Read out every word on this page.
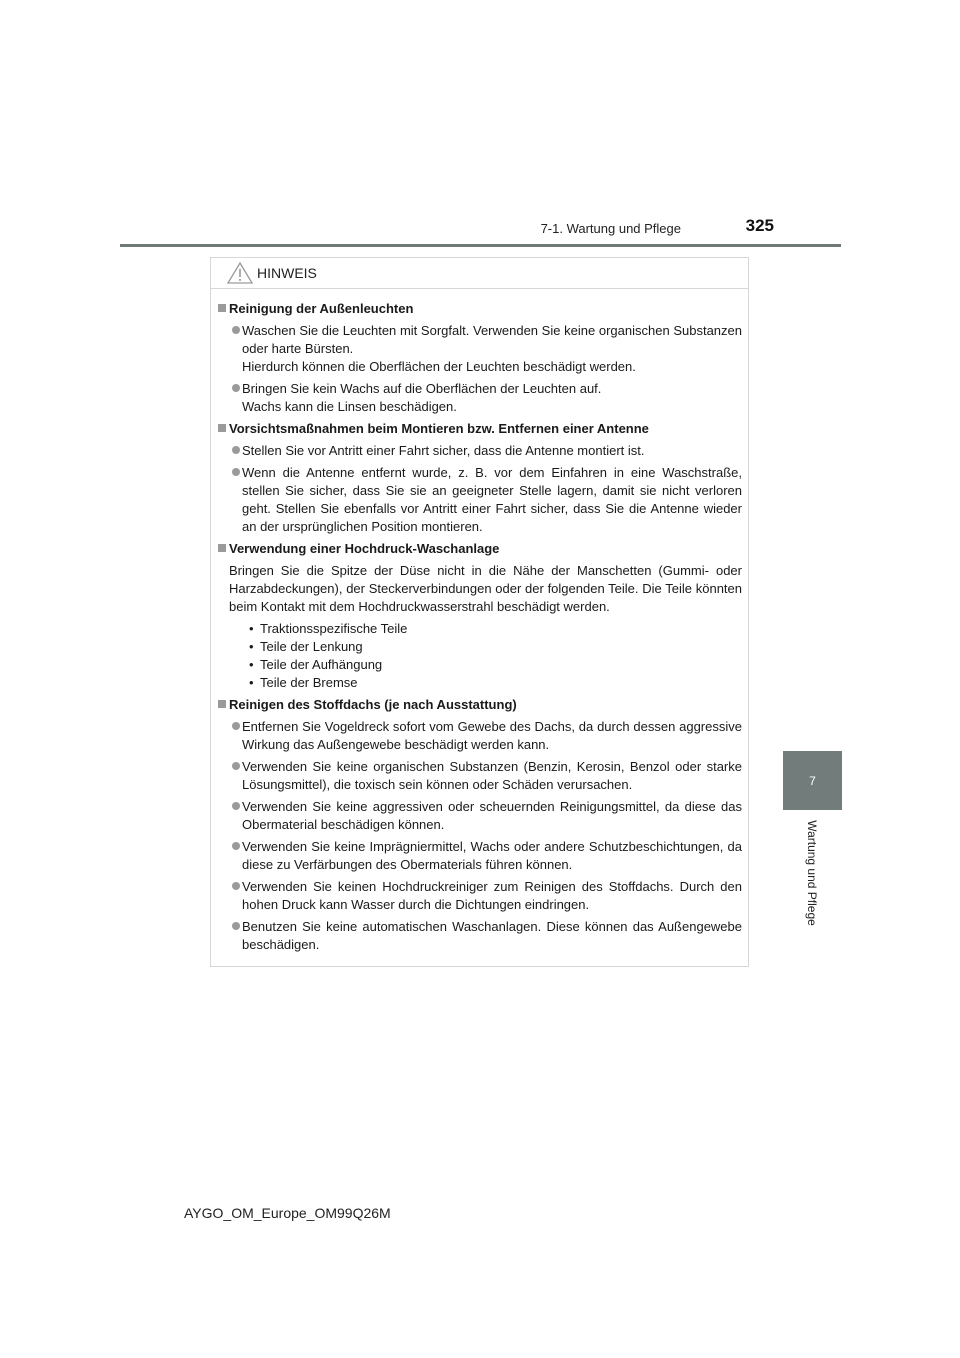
7-1. Wartung und Pflege	325
7
Wartung und Pflege
HINWEIS
Reinigung der Außenleuchten
Waschen Sie die Leuchten mit Sorgfalt. Verwenden Sie keine organischen Substanzen oder harte Bürsten.
Hierdurch können die Oberflächen der Leuchten beschädigt werden.
Bringen Sie kein Wachs auf die Oberflächen der Leuchten auf.
Wachs kann die Linsen beschädigen.
Vorsichtsmaßnahmen beim Montieren bzw. Entfernen einer Antenne
Stellen Sie vor Antritt einer Fahrt sicher, dass die Antenne montiert ist.
Wenn die Antenne entfernt wurde, z. B. vor dem Einfahren in eine Waschstraße, stellen Sie sicher, dass Sie sie an geeigneter Stelle lagern, damit sie nicht verloren geht. Stellen Sie ebenfalls vor Antritt einer Fahrt sicher, dass Sie die Antenne wieder an der ursprünglichen Position montieren.
Verwendung einer Hochdruck-Waschanlage
Bringen Sie die Spitze der Düse nicht in die Nähe der Manschetten (Gummi- oder Harzabdeckungen), der Steckerverbindungen oder der folgenden Teile. Die Teile könnten beim Kontakt mit dem Hochdruckwasserstrahl beschädigt werden.
• Traktionsspezifische Teile
• Teile der Lenkung
• Teile der Aufhängung
• Teile der Bremse
Reinigen des Stoffdachs (je nach Ausstattung)
Entfernen Sie Vogeldreck sofort vom Gewebe des Dachs, da durch dessen aggressive Wirkung das Außengewebe beschädigt werden kann.
Verwenden Sie keine organischen Substanzen (Benzin, Kerosin, Benzol oder starke Lösungsmittel), die toxisch sein können oder Schäden verursachen.
Verwenden Sie keine aggressiven oder scheuernden Reinigungsmittel, da diese das Obermaterial beschädigen können.
Verwenden Sie keine Imprägniermittel, Wachs oder andere Schutzbeschichtungen, da diese zu Verfärbungen des Obermaterials führen können.
Verwenden Sie keinen Hochdruckreiniger zum Reinigen des Stoffdachs. Durch den hohen Druck kann Wasser durch die Dichtungen eindringen.
Benutzen Sie keine automatischen Waschanlagen. Diese können das Außengewebe beschädigen.
AYGO_OM_Europe_OM99Q26M
